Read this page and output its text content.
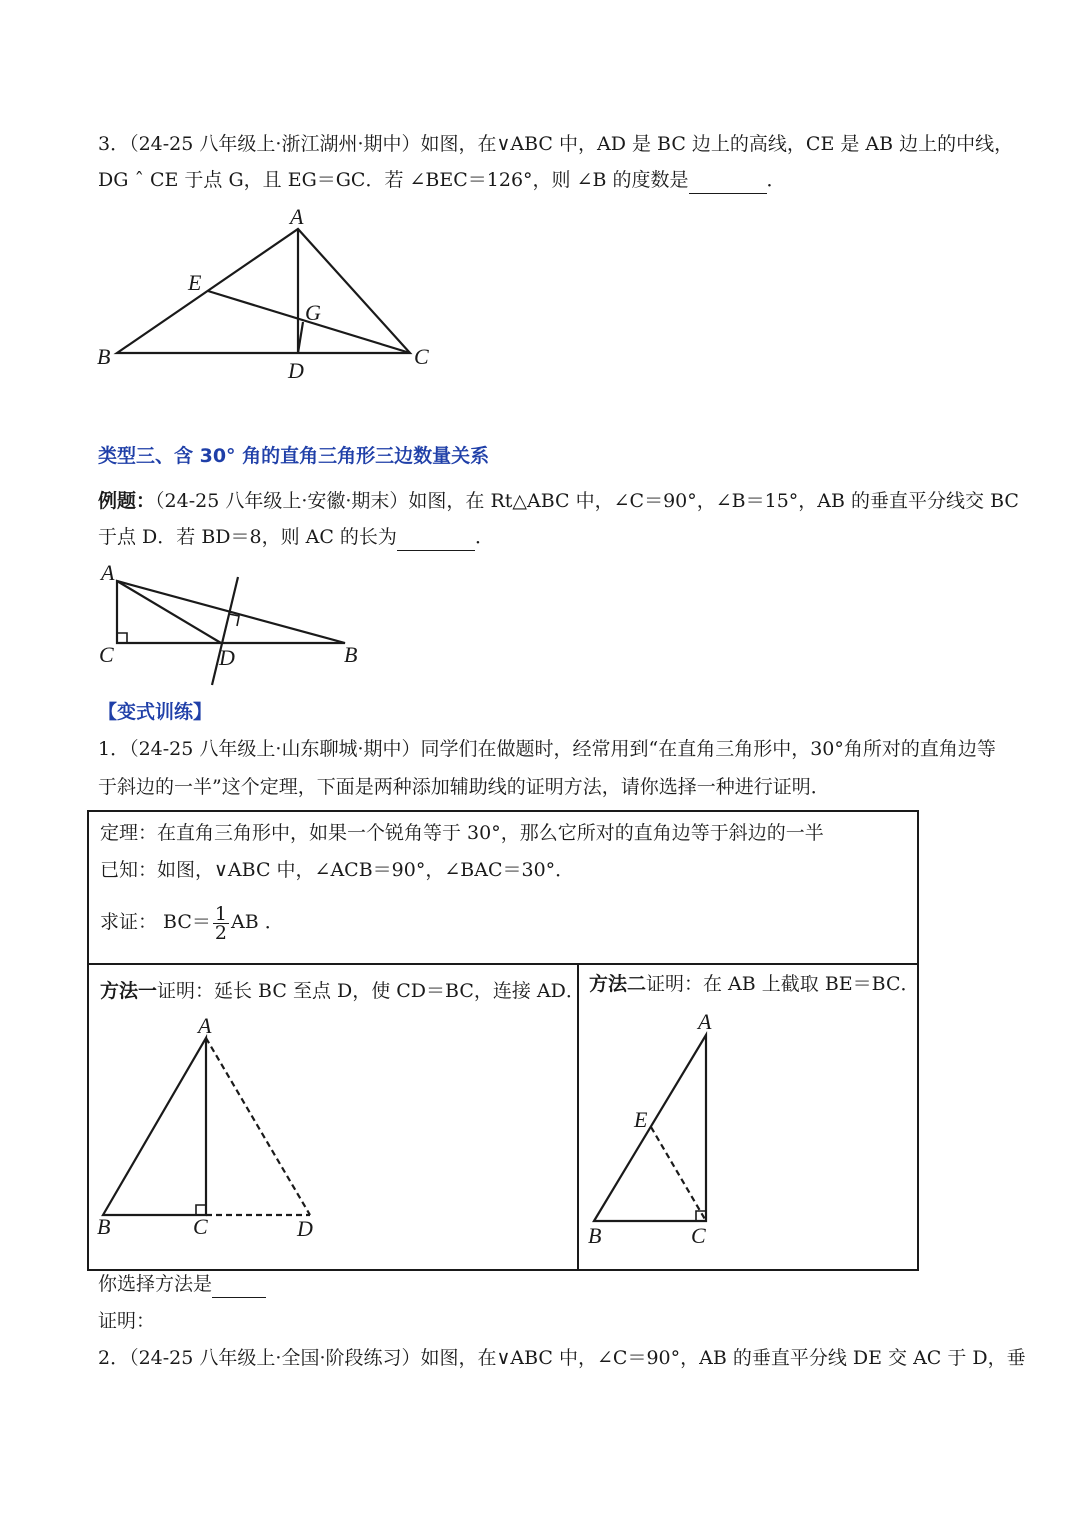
3．（24-25 八年级上·浙江湖州·期中）如图，在∨ABC 中，AD 是 BC 边上的高线，CE 是 AB 边上的中线，
DG ˆ CE 于点 G，且 EG＝GC．若 ∠BEC＝126°，则 ∠B 的度数是	．
A
B	C
D
E
G
类型三、含 30° 角的直角三角形三边数量关系
例题：（24-25 八年级上·安徽·期末）如图，在 Rt△ABC 中，∠C＝90°，∠B＝15°，AB 的垂直平分线交 BC
于点 D．若 BD＝8，则 AC 的长为	．
A
B
C	D
【变式训练】
1．（24-25 八年级上·山东聊城·期中）同学们在做题时，经常用到“在直角三角形中，30°角所对的直角边等
于斜边的一半”这个定理，下面是两种添加辅助线的证明方法，请你选择一种进行证明．
定理：在直角三角形中，如果一个锐角等于 30°，那么它所对的直角边等于斜边的一半
已知：如图，∨ABC 中，∠ACB＝90°，∠BAC＝30°．
求证： $BC= \frac{1}{2}$ AB ．
方法一证明：延长 BC 至点 D，使 CD＝BC，连接 AD． 方法二证明：在 AB 上截取 BE＝BC．
A
B	C	D
A
B	C
E
你选择方法是
证明：
2．（24-25 八年级上·全国·阶段练习）如图，在∨ABC 中，∠C＝90°，AB 的垂直平分线 DE 交 AC 于 D，垂
